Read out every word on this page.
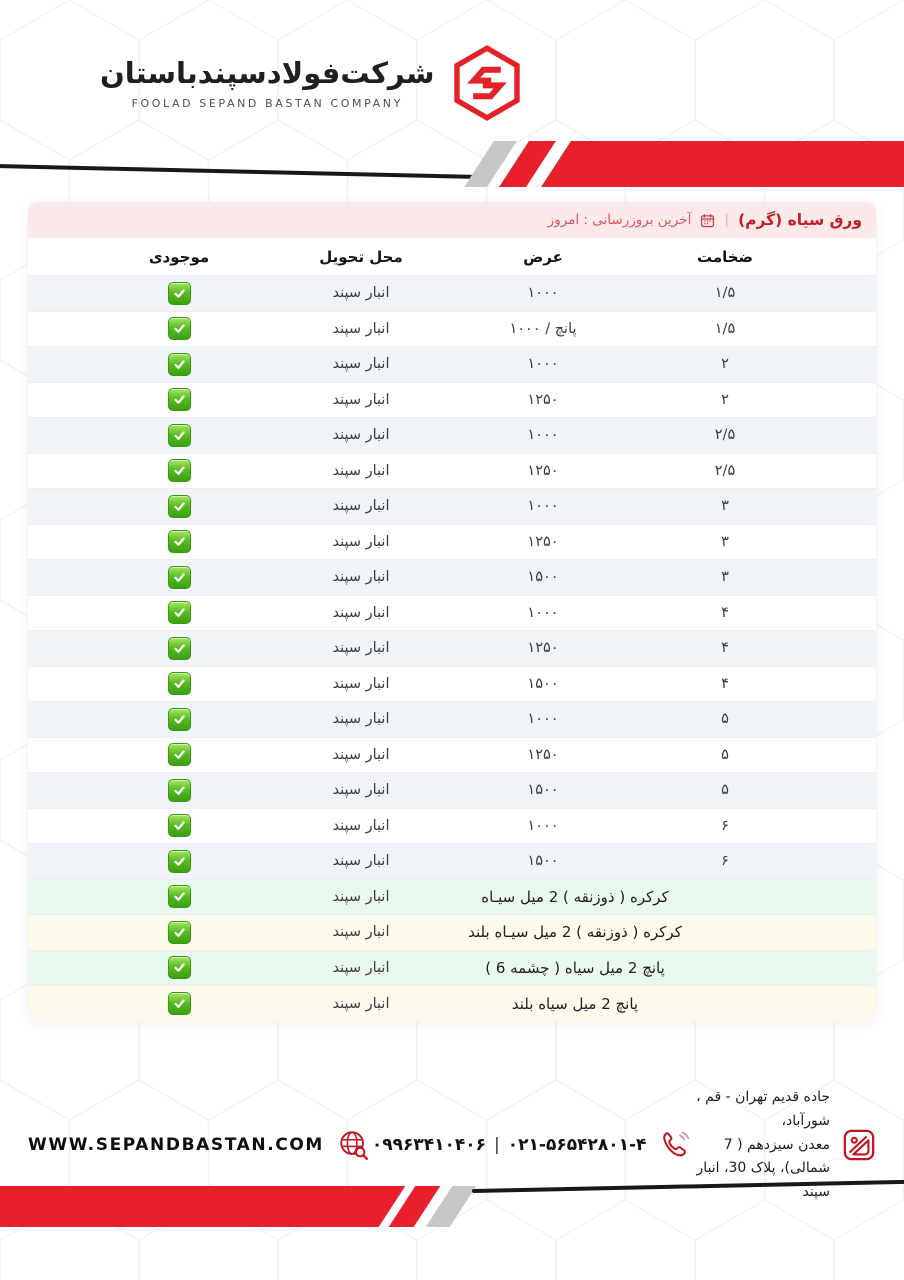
شرکت‌فولادسپندباستان
FOOLAD SEPAND BASTAN COMPANY
ورق سیاه (گرم)
|
آخرین بروزرسانی : امروز
ضخامت
عرض
محل تحویل
موجودی
۱/۵
۱۰۰۰
انبار سپند
۱/۵
پانچ / ۱۰۰۰
انبار سپند
۲
۱۰۰۰
انبار سپند
۲
۱۲۵۰
انبار سپند
۲/۵
۱۰۰۰
انبار سپند
۲/۵
۱۲۵۰
انبار سپند
۳
۱۰۰۰
انبار سپند
۳
۱۲۵۰
انبار سپند
۳
۱۵۰۰
انبار سپند
۴
۱۰۰۰
انبار سپند
۴
۱۲۵۰
انبار سپند
۴
۱۵۰۰
انبار سپند
۵
۱۰۰۰
انبار سپند
۵
۱۲۵۰
انبار سپند
۵
۱۵۰۰
انبار سپند
۶
۱۰۰۰
انبار سپند
۶
۱۵۰۰
انبار سپند
کرکره ( ذوزنقه ) 2 میل سیـاه
انبار سپند
کرکره ( ذوزنقه ) 2 میل سیـاه بلند
انبار سپند
پانچ 2 میل سیاه ( چشمه 6 )
انبار سپند
پانچ 2 میل سیاه بلند
انبار سپند
جاده قدیم تهران - قم ، شورآباد،
معدن سیزدهم ( 7 شمالی)، پلاک 30، انبار سپند
۰۹۹۶۳۴۱۰۴۰۶ | ۰۲۱-۵۶۵۴۲۸۰۱-۴
WWW.SEPANDBASTAN.COM
